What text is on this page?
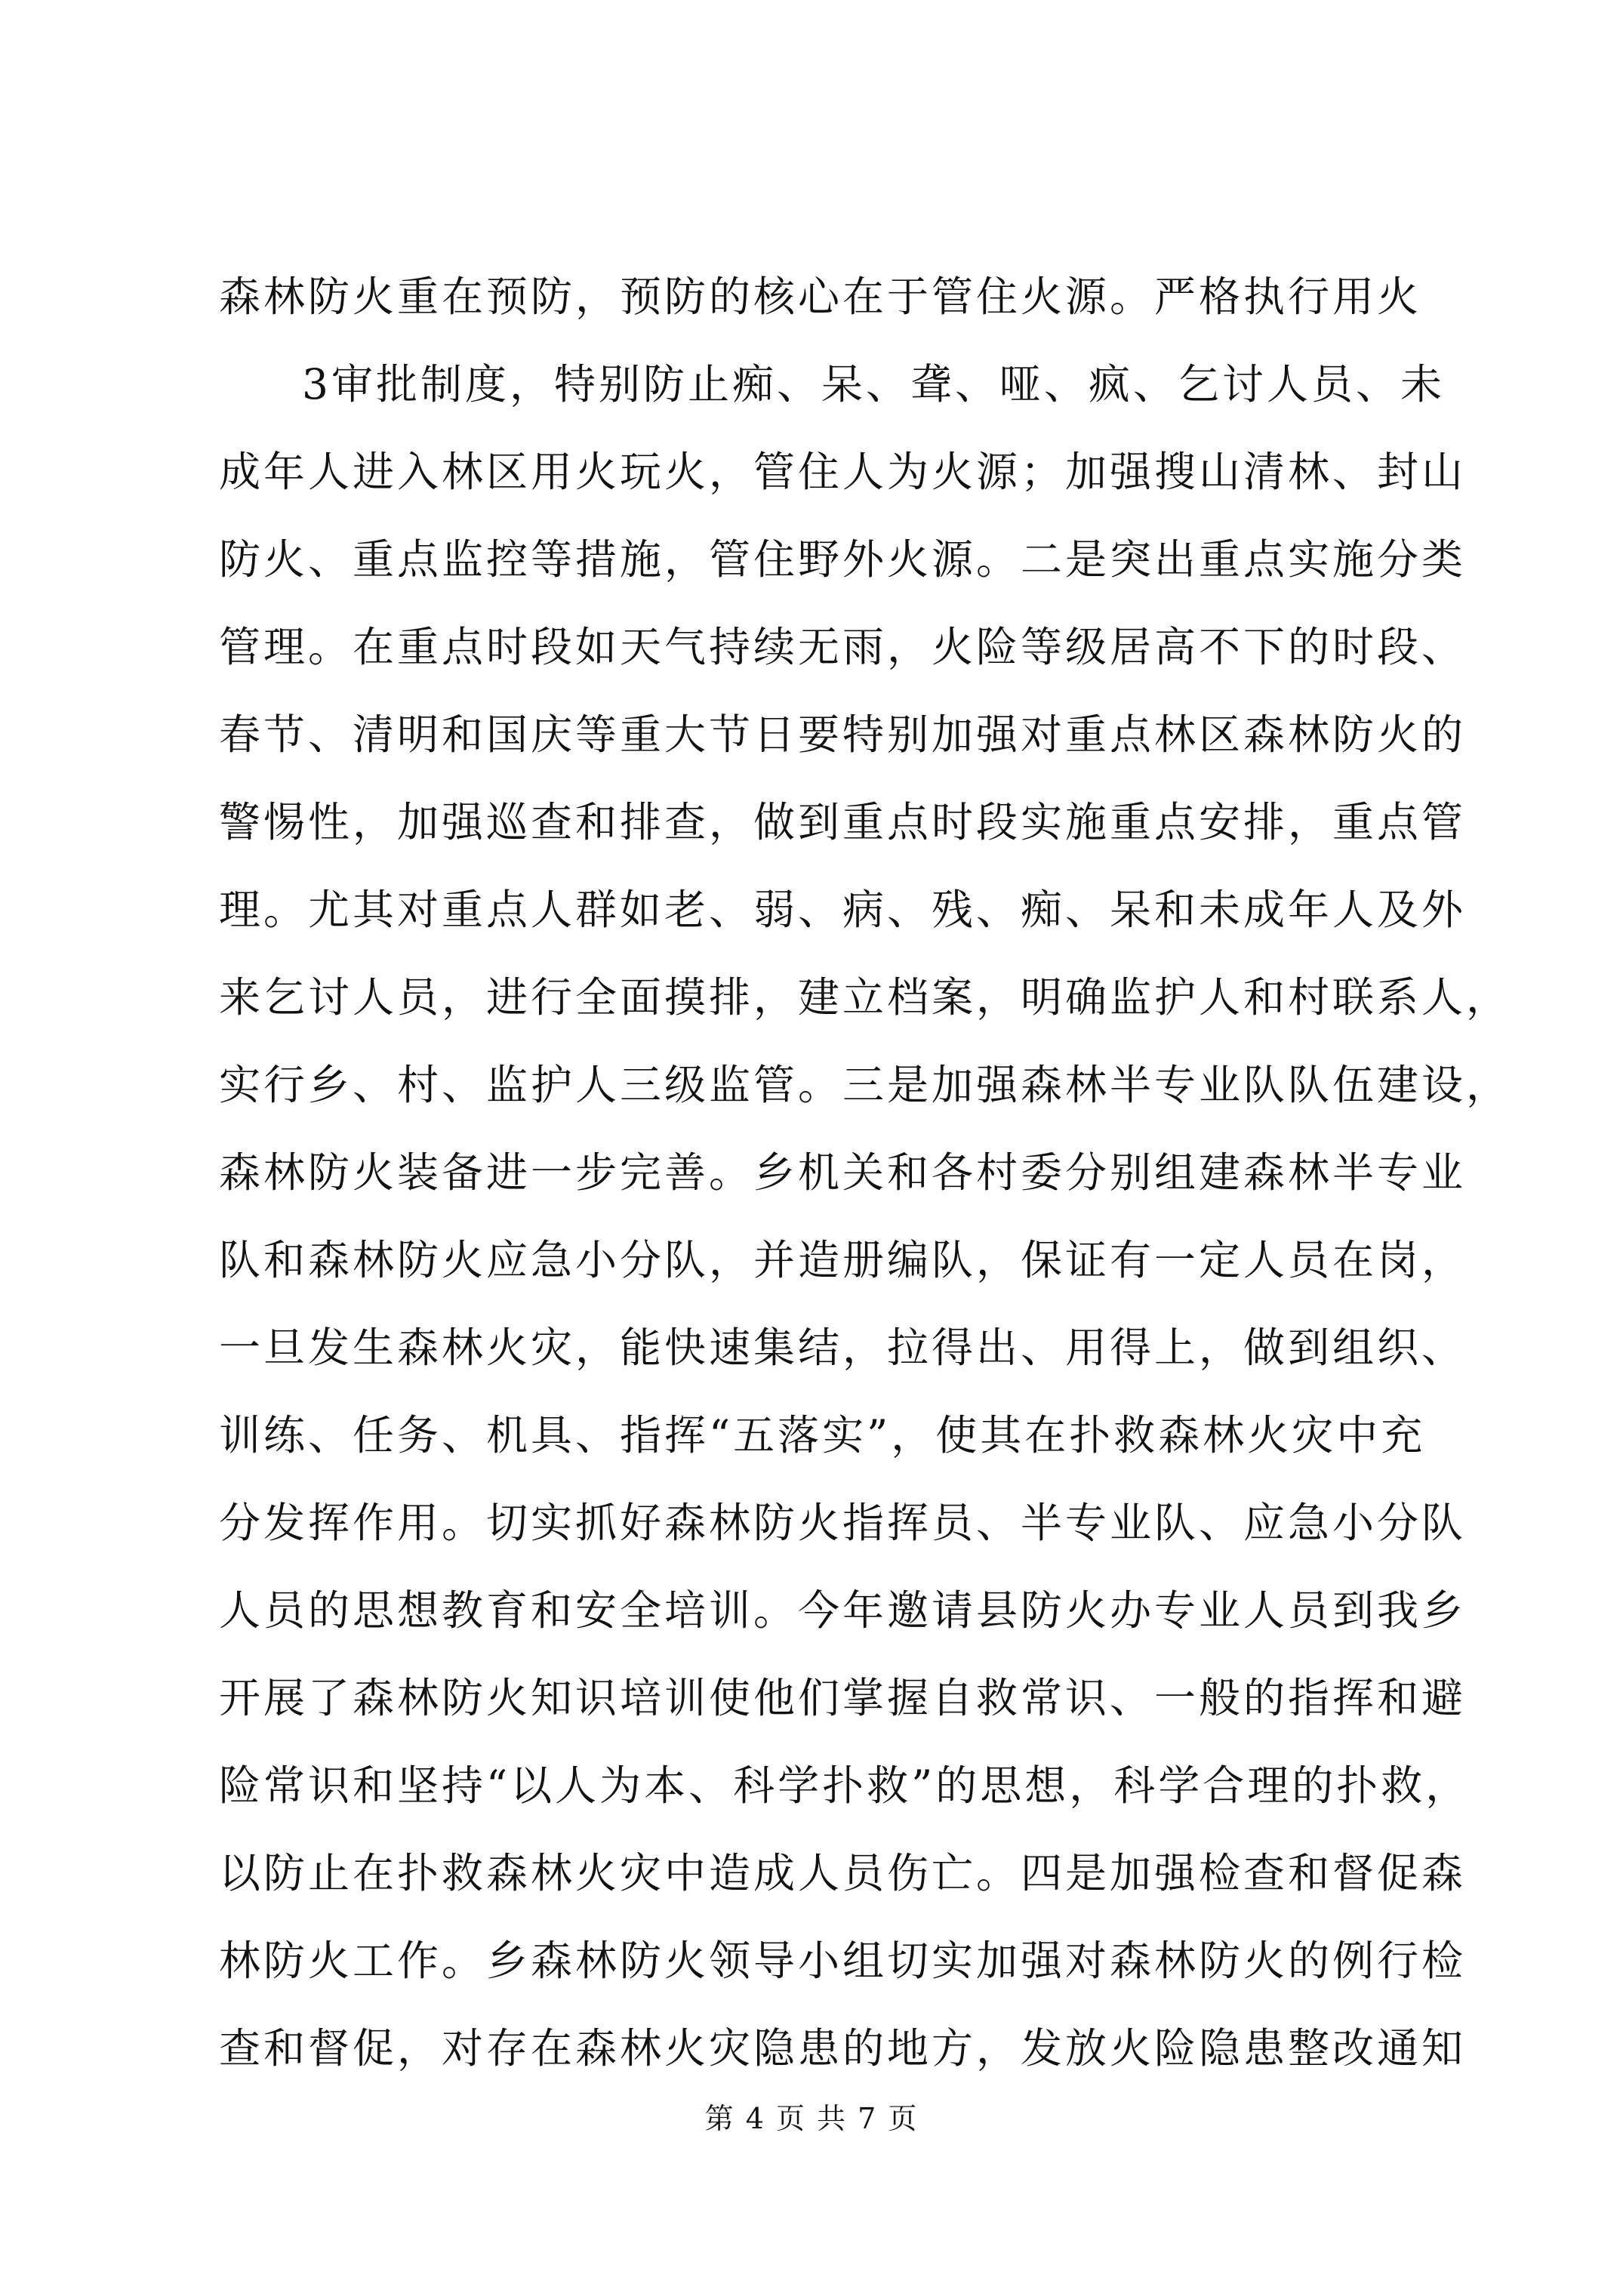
森林防火重在预防，预防的核心在于管住火源。严格执行用火
3审批制度，特别防止痴、呆、聋、哑、疯、乞讨人员、未
成年人进入林区用火玩火，管住人为火源；加强搜山清林、封山
防火、重点监控等措施，管住野外火源。二是突出重点实施分类
管理。在重点时段如天气持续无雨，火险等级居高不下的时段、
春节、清明和国庆等重大节日要特别加强对重点林区森林防火的
警惕性，加强巡查和排查，做到重点时段实施重点安排，重点管
理。尤其对重点人群如老、弱、病、残、痴、呆和未成年人及外
来乞讨人员，进行全面摸排，建立档案，明确监护人和村联系人，
实行乡、村、监护人三级监管。三是加强森林半专业队队伍建设，
森林防火装备进一步完善。乡机关和各村委分别组建森林半专业
队和森林防火应急小分队，并造册编队，保证有一定人员在岗，
一旦发生森林火灾，能快速集结，拉得出、用得上，做到组织、
训练、任务、机具、指挥“五落实”，使其在扑救森林火灾中充
分发挥作用。切实抓好森林防火指挥员、半专业队、应急小分队
人员的思想教育和安全培训。今年邀请县防火办专业人员到我乡
开展了森林防火知识培训使他们掌握自救常识、一般的指挥和避
险常识和坚持“以人为本、科学扑救”的思想，科学合理的扑救，
以防止在扑救森林火灾中造成人员伤亡。四是加强检查和督促森
林防火工作。乡森林防火领导小组切实加强对森林防火的例行检
查和督促，对存在森林火灾隐患的地方，发放火险隐患整改通知
第 4 页 共 7 页
